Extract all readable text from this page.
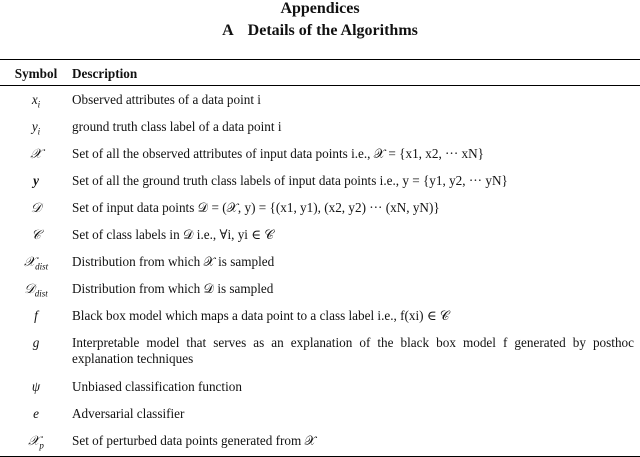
Appendices
A Details of the Algorithms
Symbol	Description
$x_i$	Observed attributes of a data point i

$y_i$	ground truth class label of a data point i

𝒳	Set of all the observed attributes of input data points i.e., 𝒳 = {x1, x2, ··· xN}

y	Set of all the ground truth class labels of input data points i.e., y = {y1, y2, ··· yN}

𝒟	Set of input data points 𝒟 = (𝒳, y) = {(x1, y1), (x2, y2) ··· (xN, yN)}

𝒞	Set of class labels in 𝒟 i.e., ∀i, yi ∈ 𝒞

𝒳$_{dist}$	Distribution from which 𝒳 is sampled

𝒟$_{dist}$	Distribution from which 𝒟 is sampled

f	Black box model which maps a data point to a class label i.e., f(xi) ∈ 𝒞

g	Interpretable model that serves as an explanation of the black box model f generated by posthoc explanation techniques

ψ	Unbiased classification function

e	Adversarial classifier

𝒳$_p$	Set of perturbed data points generated from 𝒳
